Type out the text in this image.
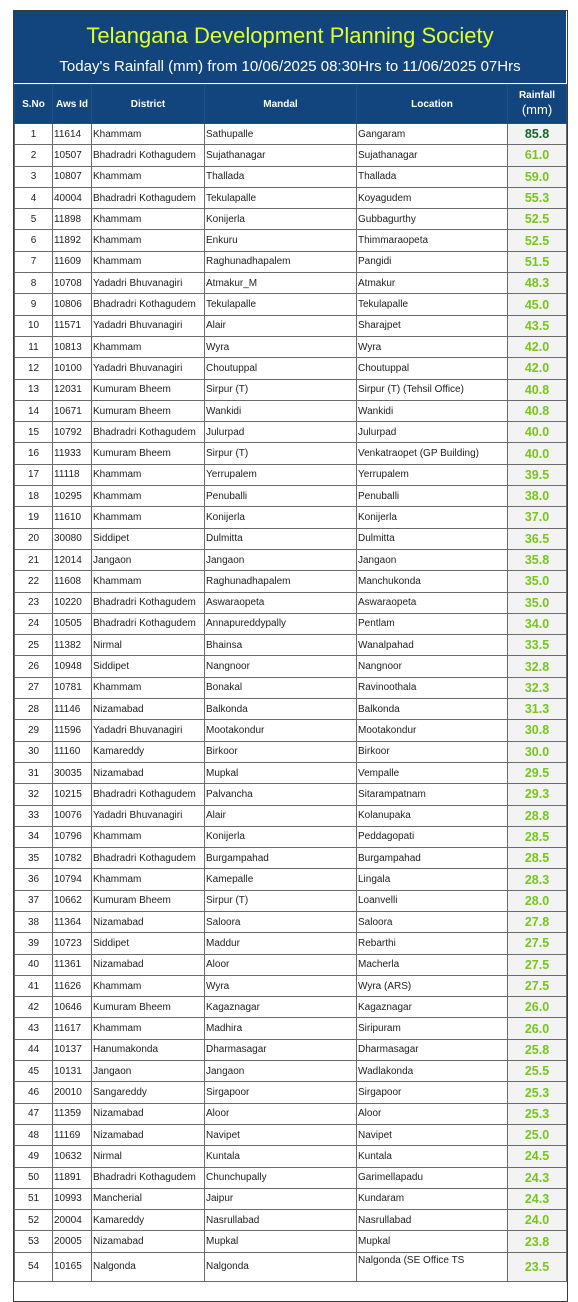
Telangana Development Planning Society
Today's Rainfall (mm) from 10/06/2025 08:30Hrs to 11/06/2025 07Hrs
S.No	Aws Id	District	Mandal	Location	Rainfall
(mm)
1	11614	Khammam	Sathupalle	Gangaram	85.8
2	10507	Bhadradri Kothagudem	Sujathanagar	Sujathanagar	61.0
3	10807	Khammam	Thallada	Thallada	59.0
4	40004	Bhadradri Kothagudem	Tekulapalle	Koyagudem	55.3
5	11898	Khammam	Konijerla	Gubbagurthy	52.5
6	11892	Khammam	Enkuru	Thimmaraopeta	52.5
7	11609	Khammam	Raghunadhapalem	Pangidi	51.5
8	10708	Yadadri Bhuvanagiri	Atmakur_M	Atmakur	48.3
9	10806	Bhadradri Kothagudem	Tekulapalle	Tekulapalle	45.0
10	11571	Yadadri Bhuvanagiri	Alair	Sharajpet	43.5
11	10813	Khammam	Wyra	Wyra	42.0
12	10100	Yadadri Bhuvanagiri	Choutuppal	Choutuppal	42.0
13	12031	Kumuram Bheem	Sirpur (T)	Sirpur (T) (Tehsil Office)	40.8
14	10671	Kumuram Bheem	Wankidi	Wankidi	40.8
15	10792	Bhadradri Kothagudem	Julurpad	Julurpad	40.0
16	11933	Kumuram Bheem	Sirpur (T)	Venkatraopet (GP Building)	40.0
17	11118	Khammam	Yerrupalem	Yerrupalem	39.5
18	10295	Khammam	Penuballi	Penuballi	38.0
19	11610	Khammam	Konijerla	Konijerla	37.0
20	30080	Siddipet	Dulmitta	Dulmitta	36.5
21	12014	Jangaon	Jangaon	Jangaon	35.8
22	11608	Khammam	Raghunadhapalem	Manchukonda	35.0
23	10220	Bhadradri Kothagudem	Aswaraopeta	Aswaraopeta	35.0
24	10505	Bhadradri Kothagudem	Annapureddypally	Pentlam	34.0
25	11382	Nirmal	Bhainsa	Wanalpahad	33.5
26	10948	Siddipet	Nangnoor	Nangnoor	32.8
27	10781	Khammam	Bonakal	Ravinoothala	32.3
28	11146	Nizamabad	Balkonda	Balkonda	31.3
29	11596	Yadadri Bhuvanagiri	Mootakondur	Mootakondur	30.8
30	11160	Kamareddy	Birkoor	Birkoor	30.0
31	30035	Nizamabad	Mupkal	Vempalle	29.5
32	10215	Bhadradri Kothagudem	Palvancha	Sitarampatnam	29.3
33	10076	Yadadri Bhuvanagiri	Alair	Kolanupaka	28.8
34	10796	Khammam	Konijerla	Peddagopati	28.5
35	10782	Bhadradri Kothagudem	Burgampahad	Burgampahad	28.5
36	10794	Khammam	Kamepalle	Lingala	28.3
37	10662	Kumuram Bheem	Sirpur (T)	Loanvelli	28.0
38	11364	Nizamabad	Saloora	Saloora	27.8
39	10723	Siddipet	Maddur	Rebarthi	27.5
40	11361	Nizamabad	Aloor	Macherla	27.5
41	11626	Khammam	Wyra	Wyra (ARS)	27.5
42	10646	Kumuram Bheem	Kagaznagar	Kagaznagar	26.0
43	11617	Khammam	Madhira	Siripuram	26.0
44	10137	Hanumakonda	Dharmasagar	Dharmasagar	25.8
45	10131	Jangaon	Jangaon	Wadlakonda	25.5
46	20010	Sangareddy	Sirgapoor	Sirgapoor	25.3
47	11359	Nizamabad	Aloor	Aloor	25.3
48	11169	Nizamabad	Navipet	Navipet	25.0
49	10632	Nirmal	Kuntala	Kuntala	24.5
50	11891	Bhadradri Kothagudem	Chunchupally	Garimellapadu	24.3
51	10993	Mancherial	Jaipur	Kundaram	24.3
52	20004	Kamareddy	Nasrullabad	Nasrullabad	24.0
53	20005	Nizamabad	Mupkal	Mupkal	23.8
54	10165	Nalgonda	Nalgonda	Nalgonda (SE Office TS	23.5
